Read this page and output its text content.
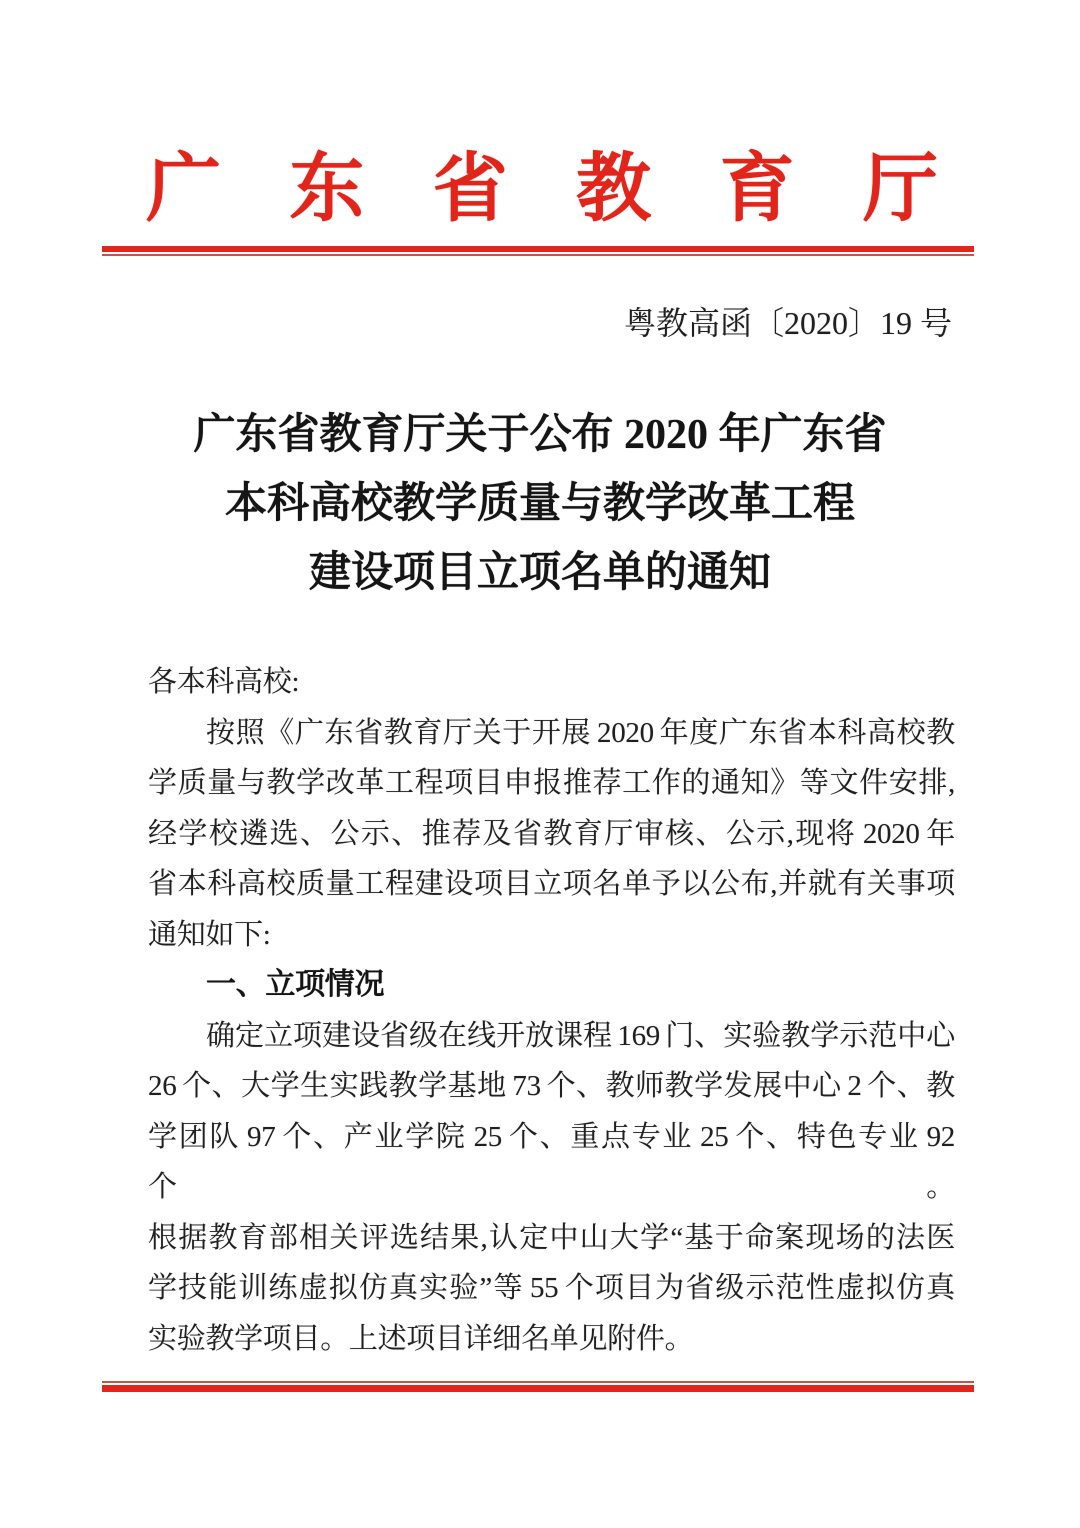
广 东 省 教 育 厅
粤教高函〔2020〕19 号
广东省教育厅关于公布 2020 年广东省
本科高校教学质量与教学改革工程
建设项目立项名单的通知
各本科高校:
按照《广东省教育厅关于开展 2020 年度广东省本科高校教
学质量与教学改革工程项目申报推荐工作的通知》等文件安排,
经学校遴选、公示、推荐及省教育厅审核、公示,现将 2020 年
省本科高校质量工程建设项目立项名单予以公布,并就有关事项
通知如下:
一、立项情况
确定立项建设省级在线开放课程 169 门、实验教学示范中心
26 个、大学生实践教学基地 73 个、教师教学发展中心 2 个、教
学团队 97 个、产业学院 25 个、重点专业 25 个、特色专业 92 个。
根据教育部相关评选结果,认定中山大学“基于命案现场的法医
学技能训练虚拟仿真实验”等 55 个项目为省级示范性虚拟仿真
实验教学项目。上述项目详细名单见附件。
